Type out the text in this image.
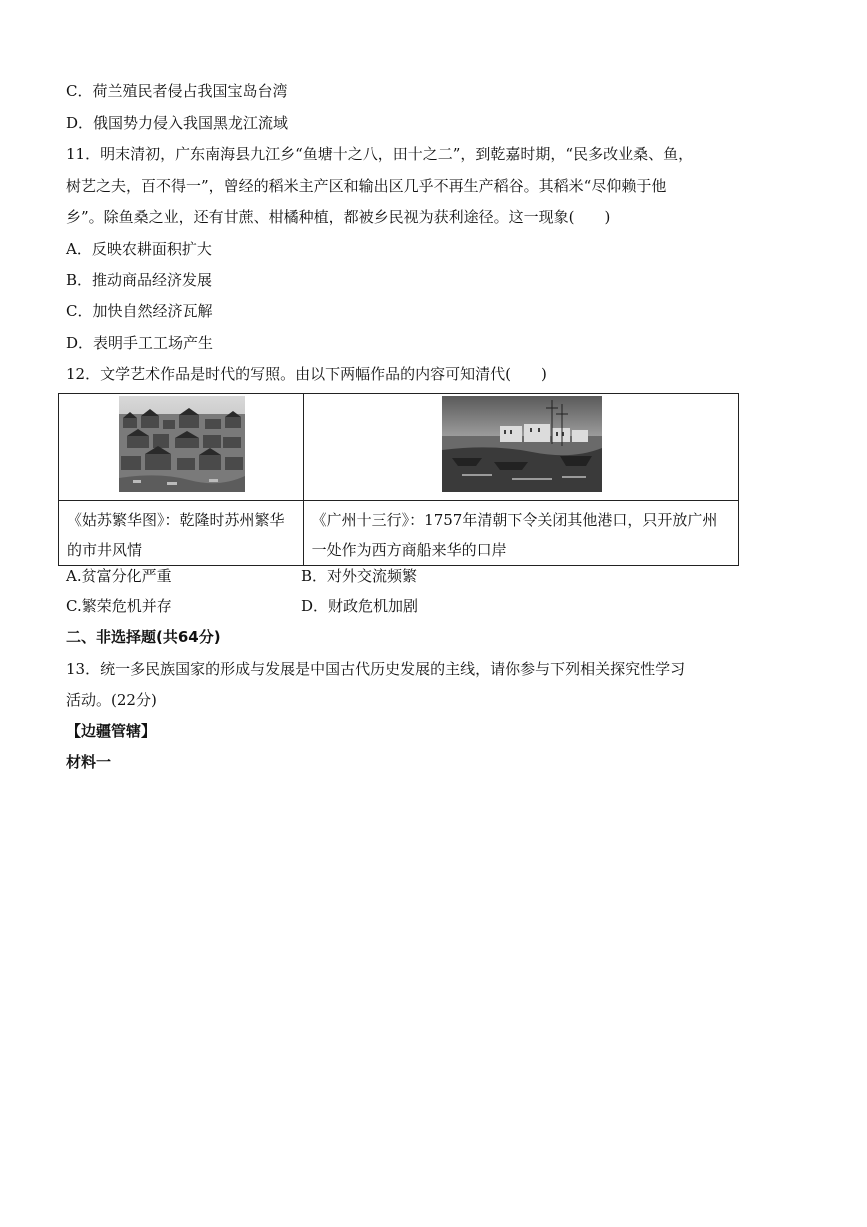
C．荷兰殖民者侵占我国宝岛台湾
D．俄国势力侵入我国黑龙江流域
11．明末清初，广东南海县九江乡“鱼塘十之八，田十之二”，到乾嘉时期，“民多改业桑、鱼，
树艺之夫，百不得一”，曾经的稻米主产区和输出区几乎不再生产稻谷。其稻米“尽仰赖于他
乡”。除鱼桑之业，还有甘蔗、柑橘种植，都被乡民视为获利途径。这一现象(　　)
A．反映农耕面积扩大
B．推动商品经济发展
C．加快自然经济瓦解
D．表明手工工场产生
12．文学艺术作品是时代的写照。由以下两幅作品的内容可知清代(　　)

《姑苏繁华图》：乾隆时苏州繁华的市井风情	《广州十三行》：1757年清朝下令关闭其他港口，只开放广州一处作为西方商船来华的口岸
A.贫富分化严重	B．对外交流频繁
C.繁荣危机并存	D．财政危机加剧
二、非选择题(共64分)
13．统一多民族国家的形成与发展是中国古代历史发展的主线，请你参与下列相关探究性学习
活动。(22分)
【边疆管辖】
材料一
